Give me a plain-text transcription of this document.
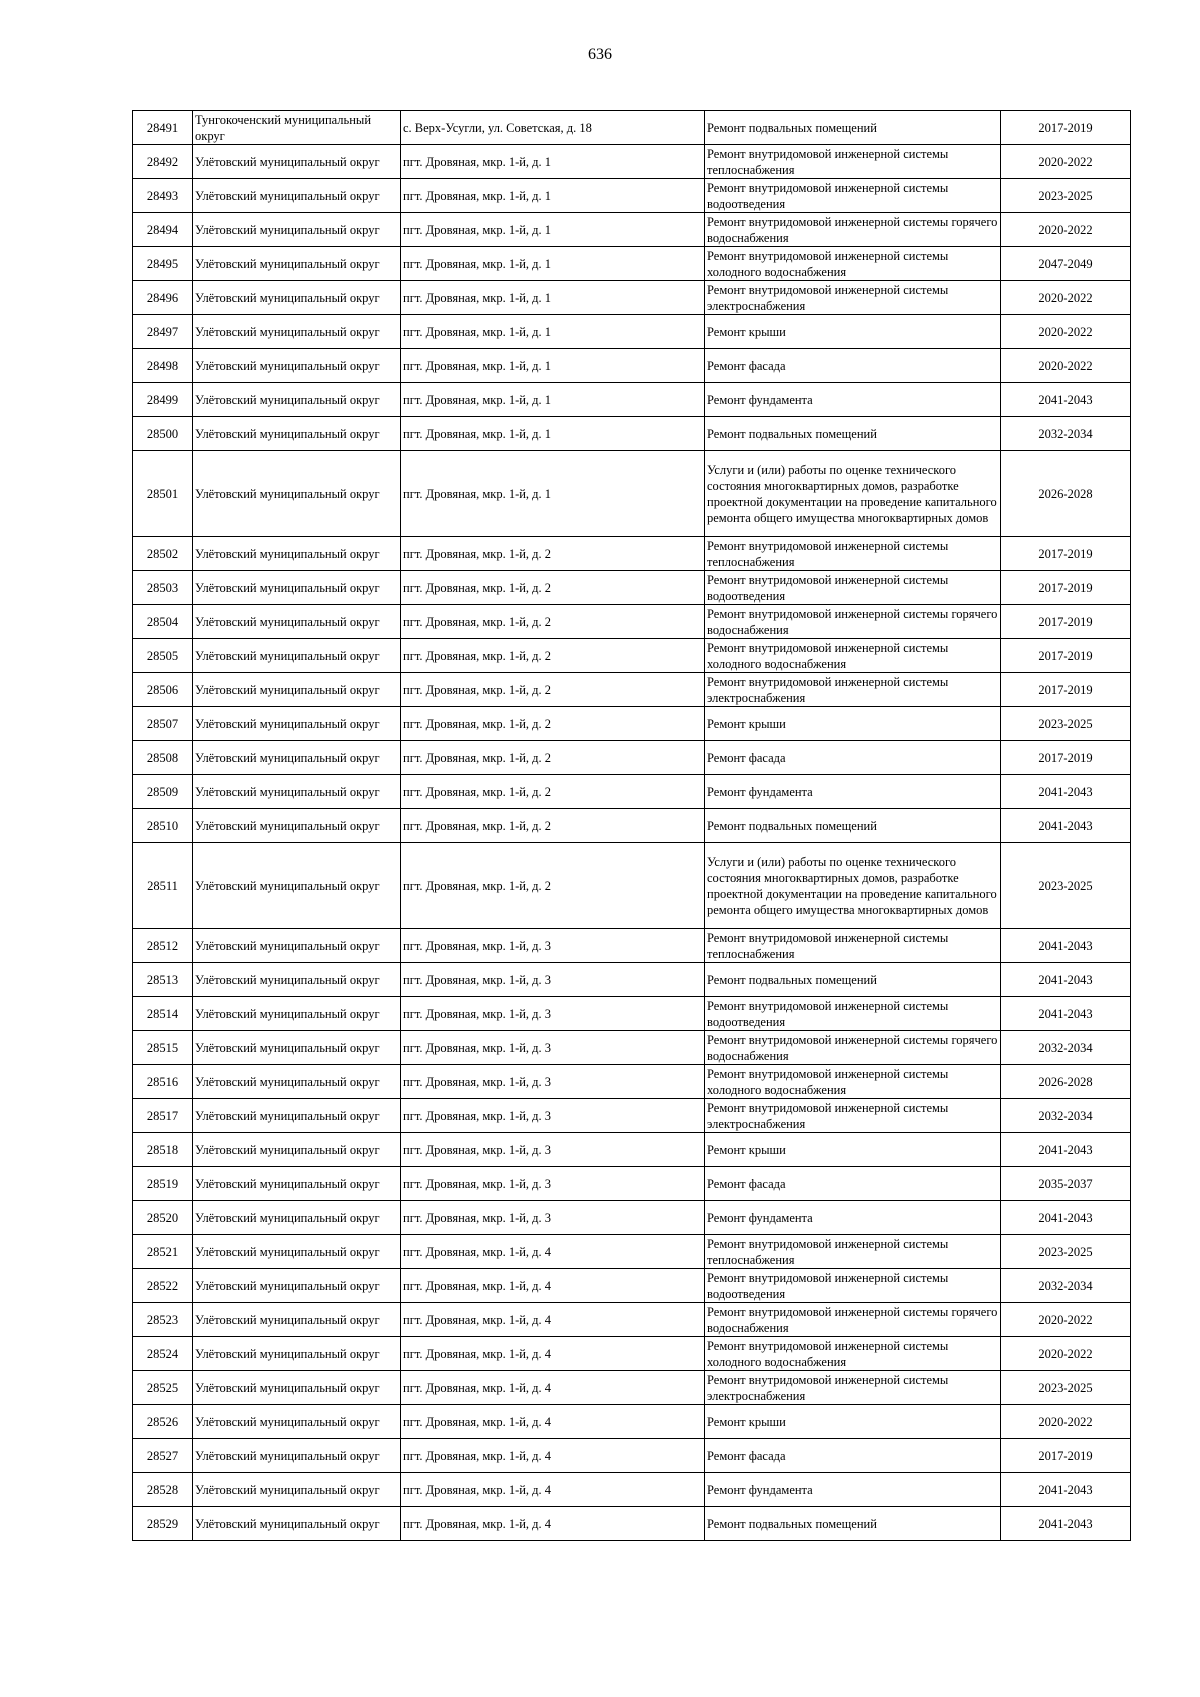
636
28491	Тунгокоченский муниципальный округ	с. Верх-Усугли, ул. Советская, д. 18	Ремонт подвальных помещений	2017-2019
28492	Улётовский муниципальный округ	пгт. Дровяная, мкр. 1-й, д. 1	Ремонт внутридомовой инженерной системы теплоснабжения	2020-2022
28493	Улётовский муниципальный округ	пгт. Дровяная, мкр. 1-й, д. 1	Ремонт внутридомовой инженерной системы водоотведения	2023-2025
28494	Улётовский муниципальный округ	пгт. Дровяная, мкр. 1-й, д. 1	Ремонт внутридомовой инженерной системы горячего водоснабжения	2020-2022
28495	Улётовский муниципальный округ	пгт. Дровяная, мкр. 1-й, д. 1	Ремонт внутридомовой инженерной системы холодного водоснабжения	2047-2049
28496	Улётовский муниципальный округ	пгт. Дровяная, мкр. 1-й, д. 1	Ремонт внутридомовой инженерной системы электроснабжения	2020-2022
28497	Улётовский муниципальный округ	пгт. Дровяная, мкр. 1-й, д. 1	Ремонт крыши	2020-2022
28498	Улётовский муниципальный округ	пгт. Дровяная, мкр. 1-й, д. 1	Ремонт фасада	2020-2022
28499	Улётовский муниципальный округ	пгт. Дровяная, мкр. 1-й, д. 1	Ремонт фундамента	2041-2043
28500	Улётовский муниципальный округ	пгт. Дровяная, мкр. 1-й, д. 1	Ремонт подвальных помещений	2032-2034
28501	Улётовский муниципальный округ	пгт. Дровяная, мкр. 1-й, д. 1	Услуги и (или) работы по оценке технического состояния многоквартирных домов, разработке проектной документации на проведение капитального ремонта общего имущества многоквартирных домов	2026-2028
28502	Улётовский муниципальный округ	пгт. Дровяная, мкр. 1-й, д. 2	Ремонт внутридомовой инженерной системы теплоснабжения	2017-2019
28503	Улётовский муниципальный округ	пгт. Дровяная, мкр. 1-й, д. 2	Ремонт внутридомовой инженерной системы водоотведения	2017-2019
28504	Улётовский муниципальный округ	пгт. Дровяная, мкр. 1-й, д. 2	Ремонт внутридомовой инженерной системы горячего водоснабжения	2017-2019
28505	Улётовский муниципальный округ	пгт. Дровяная, мкр. 1-й, д. 2	Ремонт внутридомовой инженерной системы холодного водоснабжения	2017-2019
28506	Улётовский муниципальный округ	пгт. Дровяная, мкр. 1-й, д. 2	Ремонт внутридомовой инженерной системы электроснабжения	2017-2019
28507	Улётовский муниципальный округ	пгт. Дровяная, мкр. 1-й, д. 2	Ремонт крыши	2023-2025
28508	Улётовский муниципальный округ	пгт. Дровяная, мкр. 1-й, д. 2	Ремонт фасада	2017-2019
28509	Улётовский муниципальный округ	пгт. Дровяная, мкр. 1-й, д. 2	Ремонт фундамента	2041-2043
28510	Улётовский муниципальный округ	пгт. Дровяная, мкр. 1-й, д. 2	Ремонт подвальных помещений	2041-2043
28511	Улётовский муниципальный округ	пгт. Дровяная, мкр. 1-й, д. 2	Услуги и (или) работы по оценке технического состояния многоквартирных домов, разработке проектной документации на проведение капитального ремонта общего имущества многоквартирных домов	2023-2025
28512	Улётовский муниципальный округ	пгт. Дровяная, мкр. 1-й, д. 3	Ремонт внутридомовой инженерной системы теплоснабжения	2041-2043
28513	Улётовский муниципальный округ	пгт. Дровяная, мкр. 1-й, д. 3	Ремонт подвальных помещений	2041-2043
28514	Улётовский муниципальный округ	пгт. Дровяная, мкр. 1-й, д. 3	Ремонт внутридомовой инженерной системы водоотведения	2041-2043
28515	Улётовский муниципальный округ	пгт. Дровяная, мкр. 1-й, д. 3	Ремонт внутридомовой инженерной системы горячего водоснабжения	2032-2034
28516	Улётовский муниципальный округ	пгт. Дровяная, мкр. 1-й, д. 3	Ремонт внутридомовой инженерной системы холодного водоснабжения	2026-2028
28517	Улётовский муниципальный округ	пгт. Дровяная, мкр. 1-й, д. 3	Ремонт внутридомовой инженерной системы электроснабжения	2032-2034
28518	Улётовский муниципальный округ	пгт. Дровяная, мкр. 1-й, д. 3	Ремонт крыши	2041-2043
28519	Улётовский муниципальный округ	пгт. Дровяная, мкр. 1-й, д. 3	Ремонт фасада	2035-2037
28520	Улётовский муниципальный округ	пгт. Дровяная, мкр. 1-й, д. 3	Ремонт фундамента	2041-2043
28521	Улётовский муниципальный округ	пгт. Дровяная, мкр. 1-й, д. 4	Ремонт внутридомовой инженерной системы теплоснабжения	2023-2025
28522	Улётовский муниципальный округ	пгт. Дровяная, мкр. 1-й, д. 4	Ремонт внутридомовой инженерной системы водоотведения	2032-2034
28523	Улётовский муниципальный округ	пгт. Дровяная, мкр. 1-й, д. 4	Ремонт внутридомовой инженерной системы горячего водоснабжения	2020-2022
28524	Улётовский муниципальный округ	пгт. Дровяная, мкр. 1-й, д. 4	Ремонт внутридомовой инженерной системы холодного водоснабжения	2020-2022
28525	Улётовский муниципальный округ	пгт. Дровяная, мкр. 1-й, д. 4	Ремонт внутридомовой инженерной системы электроснабжения	2023-2025
28526	Улётовский муниципальный округ	пгт. Дровяная, мкр. 1-й, д. 4	Ремонт крыши	2020-2022
28527	Улётовский муниципальный округ	пгт. Дровяная, мкр. 1-й, д. 4	Ремонт фасада	2017-2019
28528	Улётовский муниципальный округ	пгт. Дровяная, мкр. 1-й, д. 4	Ремонт фундамента	2041-2043
28529	Улётовский муниципальный округ	пгт. Дровяная, мкр. 1-й, д. 4	Ремонт подвальных помещений	2041-2043
